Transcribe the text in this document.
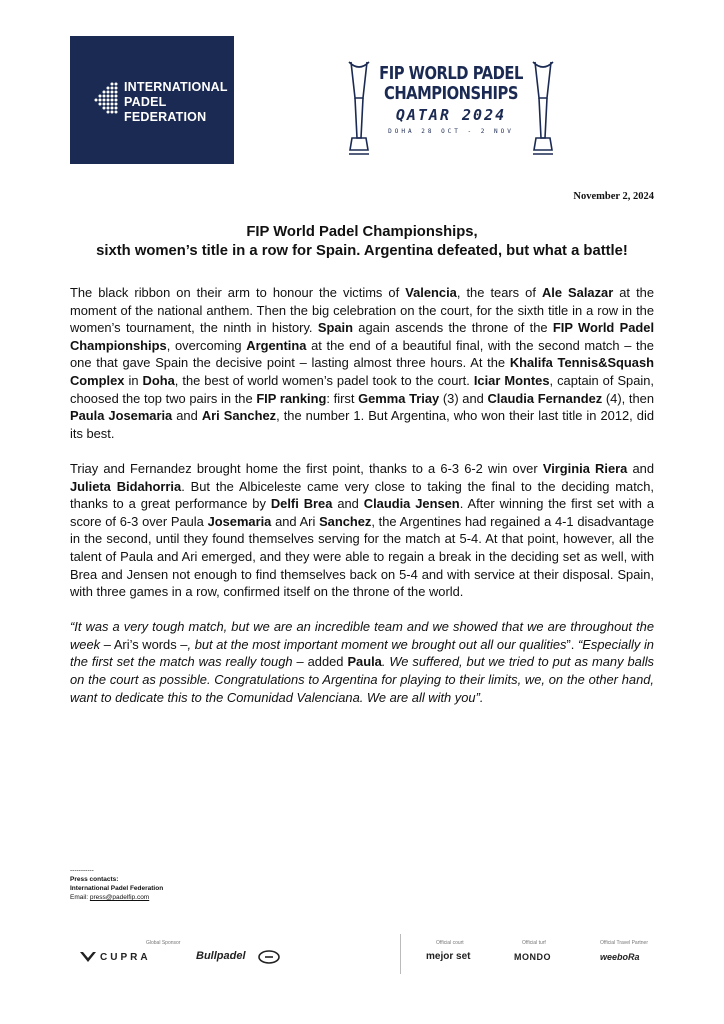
INTERNATIONAL
PADEL
FEDERATION
FIP WORLD PADEL
CHAMPIONSHIPS
QATAR 2024
DOHA 28 OCT - 2 NOV
November 2, 2024
FIP World Padel Championships,
sixth women’s title in a row for Spain. Argentina defeated, but what a battle!

The black ribbon on their arm to honour the victims of Valencia, the tears of Ale Salazar at the moment of the national anthem. Then the big celebration on the court, for the sixth title in a row in the women’s tournament, the ninth in history. Spain again ascends the throne of the FIP World Padel Championships, overcoming Argentina at the end of a beautiful final, with the second match – the one that gave Spain the decisive point – lasting almost three hours. At the Khalifa Tennis&Squash Complex in Doha, the best of world women’s padel took to the court. Iciar Montes, captain of Spain, choosed the top two pairs in the FIP ranking: first Gemma Triay (3) and Claudia Fernandez (4), then Paula Josemaria and Ari Sanchez, the number 1. But Argentina, who won their last title in 2012, did its best.

Triay and Fernandez brought home the first point, thanks to a 6-3 6-2 win over Virginia Riera and Julieta Bidahorria. But the Albiceleste came very close to taking the final to the deciding match, thanks to a great performance by Delfi Brea and Claudia Jensen. After winning the first set with a score of 6-3 over Paula Josemaria and Ari Sanchez, the Argentines had regained a 4-1 disadvantage in the second, until they found themselves serving for the match at 5-4. At that point, however, all the talent of Paula and Ari emerged, and they were able to regain a break in the deciding set as well, with Brea and Jensen not enough to find themselves back on 5-4 and with service at their disposal. Spain, with three games in a row, confirmed itself on the throne of the world.

“It was a very tough match, but we are an incredible team and we showed that we are throughout the week – Ari’s words –, but at the most important moment we brought out all our qualities”. “Especially in the first set the match was really tough – added Paula. We suffered, but we tried to put as many balls on the court as possible. Congratulations to Argentina for playing to their limits, we, on the other hand, want to dedicate this to the Comunidad Valenciana. We are all with you”.

-----------
Press contacts:
International Padel Federation
Email: press@padelfip.com
Global Sponsor
CUPRA	Bullpadel
Official court
mejor set
Official turf
MONDO
Official Travel Partner
weeboRa
